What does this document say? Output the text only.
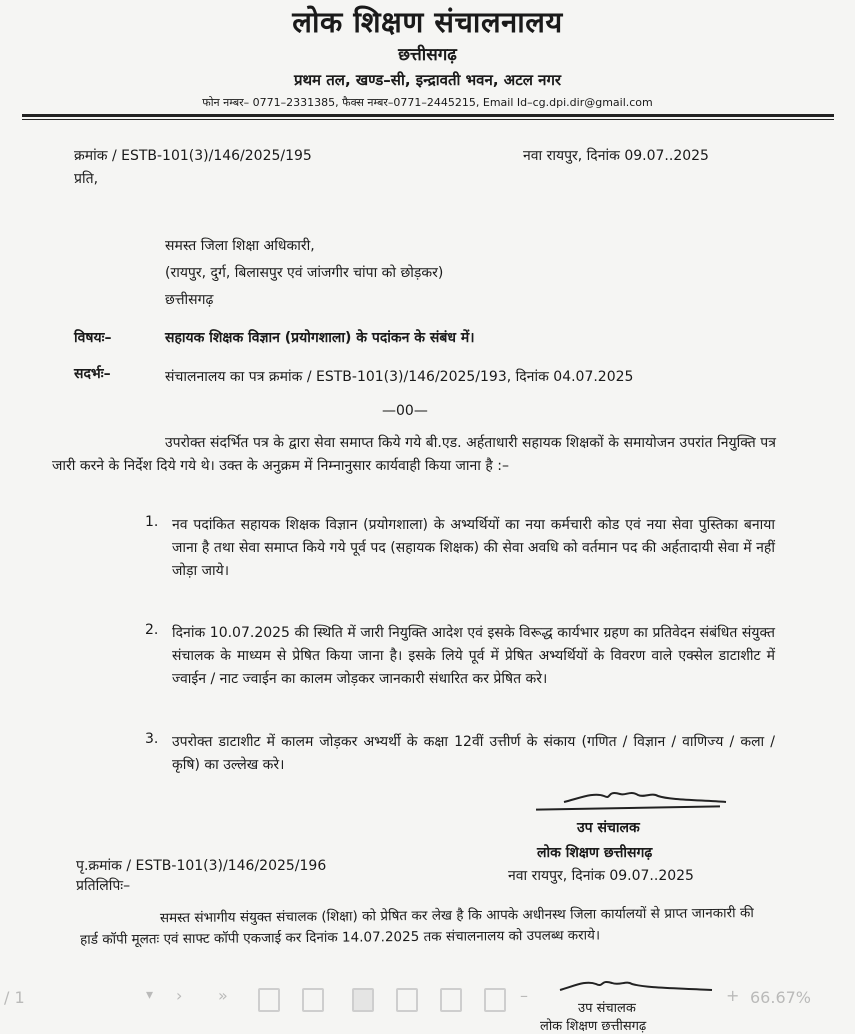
लोक शिक्षण संचालनालय
छत्तीसगढ़
प्रथम तल, खण्ड–सी, इन्द्रावती भवन, अटल नगर
फोन नम्बर– 0771–2331385, फैक्स नम्बर–0771–2445215, Email Id–cg.dpi.dir@gmail.com
क्रमांक / ESTB-101(3)/146/2025/195	नवा रायपुर, दिनांक 09.07..2025
प्रति,
समस्त जिला शिक्षा अधिकारी,
(रायपुर, दुर्ग, बिलासपुर एवं जांजगीर चांपा को छोड़कर)
छत्तीसगढ़
विषयः–	सहायक शिक्षक विज्ञान (प्रयोगशाला) के पदांकन के संबंध में।
सदर्भः–	संचालनालय का पत्र क्रमांक / ESTB-101(3)/146/2025/193, दिनांक 04.07.2025
—00—
उपरोक्त संदर्भित पत्र के द्वारा सेवा समाप्त किये गये बी.एड. अर्हताधारी सहायक शिक्षकों के समायोजन उपरांत नियुक्ति पत्र जारी करने के निर्देश दिये गये थे। उक्त के अनुक्रम में निम्नानुसार कार्यवाही किया जाना है :–
1. नव पदांकित सहायक शिक्षक विज्ञान (प्रयोगशाला) के अभ्यर्थियों का नया कर्मचारी कोड एवं नया सेवा पुस्तिका बनाया जाना है तथा सेवा समाप्त किये गये पूर्व पद (सहायक शिक्षक) की सेवा अवधि को वर्तमान पद की अर्हतादायी सेवा में नहीं जोड़ा जाये।
2. दिनांक 10.07.2025 की स्थिति में जारी नियुक्ति आदेश एवं इसके विरूद्ध कार्यभार ग्रहण का प्रतिवेदन संबंधित संयुक्त संचालक के माध्यम से प्रेषित किया जाना है। इसके लिये पूर्व में प्रेषित अभ्यर्थियों के विवरण वाले एक्सेल डाटाशीट में ज्वाईन / नाट ज्वाईन का कालम जोड़कर जानकारी संधारित कर प्रेषित करे।
3. उपरोक्त डाटाशीट में कालम जोड़कर अभ्यर्थी के कक्षा 12वीं उत्तीर्ण के संकाय (गणित / विज्ञान / वाणिज्य / कला / कृषि) का उल्लेख करे।
उप संचालक
लोक शिक्षण छत्तीसगढ़
पृ.क्रमांक / ESTB-101(3)/146/2025/196
नवा रायपुर, दिनांक 09.07..2025
प्रतिलिपिः–
समस्त संभागीय संयुक्त संचालक (शिक्षा) को प्रेषित कर लेख है कि आपके अधीनस्थ जिला कार्यालयों से प्राप्त जानकारी की हार्ड कॉपी मूलतः एवं साफ्ट कॉपी एकजाई कर दिनांक 14.07.2025 तक संचालनालय को उपलब्ध कराये।
उप संचालक
लोक शिक्षण छत्तीसगढ़
/ 1	▾ › »	–	+ 66.67%
